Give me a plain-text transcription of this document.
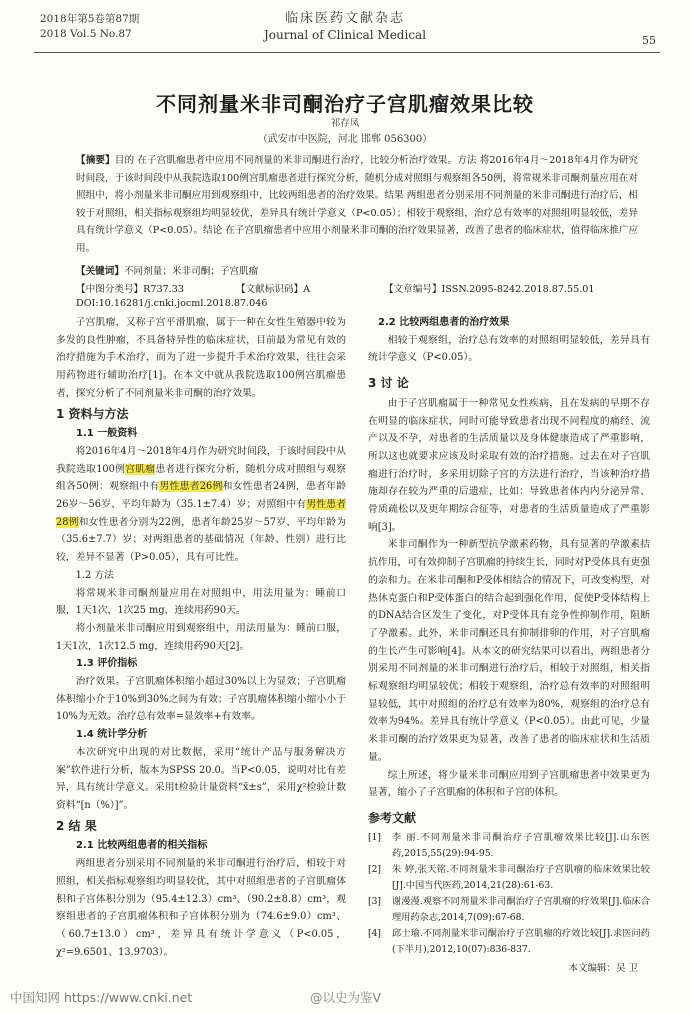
2018年第5卷第87期
2018 Vol.5 No.87
临床医药文献杂志
Journal of Clinical Medical	55
不同剂量米非司酮治疗子宫肌瘤效果比较
祁存凤
（武安市中医院，河北 邯郸 056300）
【摘要】目的 在子宫肌瘤患者中应用不同剂量的米非司酮进行治疗，比较分析治疗效果。方法 将2016年4月～2018年4月作为研究时间段，于该时间段中从我院选取100例宫肌瘤患者进行探究分析，随机分成对照组与观察组各50例，将常规米非司酮剂量应用在对照组中，将小剂量米非司酮应用到观察组中，比较两组患者的治疗效果。结果 两组患者分别采用不同剂量的米非司酮进行治疗后，相较于对照组，相关指标观察组均明显较优，差异具有统计学意义（P<0.05）；相较于观察组，治疗总有效率的对照组明显较低，差异具有统计学意义（P<0.05）。结论 在子宫肌瘤患者中应用小剂量米非司酮的治疗效果显著，改善了患者的临床症状，值得临床推广应用。
【关键词】不同剂量；米非司酮；子宫肌瘤
【中图分类号】R737.33	【文献标识码】A	【文章编号】ISSN.2095-8242.2018.87.55.01
DOI:10.16281/j.cnki.jocml.2018.87.046

子宫肌瘤，又称子宫平滑肌瘤，属于一种在女性生殖器中较为多发的良性肿瘤，不具备特异性的临床症状，目前最为常见有效的治疗措施为手术治疗，而为了进一步提升手术治疗效果，往往会采用药物进行辅助治疗[1]。在本文中就从我院选取100例宫肌瘤患者，探究分析了不同剂量米非司酮的治疗效果。

1 资料与方法
1.1 一般资料

将2016年4月～2018年4月作为研究时间段，于该时间段中从我院选取100例宫肌瘤患者进行探究分析，随机分成对照组与观察组各50例：观察组中有男性患者26例和女性患者24例，患者年龄26岁～56岁、平均年龄为（35.1±7.4）岁；对照组中有男性患者28例和女性患者分别为22例，患者年龄25岁～57岁、平均年龄为（35.6±7.7）岁；对两组患者的基础情况（年龄、性别）进行比较，差异不显著（P>0.05），具有可比性。

1.2 方法

将常规米非司酮剂量应用在对照组中，用法用量为：睡前口服，1天1次，1次25 mg，连续用药90天。

将小剂量米非司酮应用到观察组中，用法用量为：睡前口服，1天1次，1次12.5 mg，连续用药90天[2]。

1.3 评价指标

治疗效果。子宫肌瘤体积缩小超过30%以上为显效；子宫肌瘤体积缩小介于10%到30%之间为有效；子宫肌瘤体积缩小缩小小于10%为无效。治疗总有效率=显效率+有效率。

1.4 统计学分析

本次研究中出现的对比数据，采用“统计产品与服务解决方案”软件进行分析，版本为SPSS 20.0。当P<0.05，说明对比有差异，具有统计学意义。采用t检验计量资料“x̄±s”，采用χ²检验计数资料“[n（%）]”。

2 结 果
2.1 比较两组患者的相关指标

两组患者分别采用不同剂量的米非司酮进行治疗后，相较于对照组，相关指标观察组均明显较优，其中对照组患者的子宫肌瘤体积和子宫体积分别为（95.4±12.3）cm³、（90.2±8.8）cm³，观察组患者的子宫肌瘤体积和子宫体积分别为（74.6±9.0）cm³、（60.7±13.0）cm³，差异具有统计学意义（P<0.05，χ²=9.6501、13.9703）。

2.2 比较两组患者的治疗效果

相较于观察组，治疗总有效率的对照组明显较低，差异具有统计学意义（P<0.05）。

3 讨 论

由于子宫肌瘤属于一种常见女性疾病，且在发病的早期不存在明显的临床症状，同时可能导致患者出现不同程度的痛经、流产以及不孕，对患者的生活质量以及身体健康造成了严重影响，所以这也就要求应该及时采取有效的治疗措施。过去在对子宫肌瘤进行治疗时，多采用切除子宫的方法进行治疗，当该种治疗措施却存在较为严重的后遗症，比如：导致患者体内内分泌异常、骨质疏松以及更年期综合征等，对患者的生活质量造成了严重影响[3]。

米非司酮作为一种新型抗孕激素药物，具有显著的孕激素拮抗作用，可有效抑制子宫肌瘤的持续生长，同时对P受体具有更强的亲和力。在米非司酮和P受体相结合的情况下，可改变构型，对热休克蛋白和P受体蛋白的结合起到强化作用，促使P受体结构上的DNA结合区发生了变化，对P受体具有竞争性抑制作用，阻断了孕激素。此外，米非司酮还具有抑制排卵的作用，对子宫肌瘤的生长产生可影响[4]。从本文的研究结果可以看出，两组患者分别采用不同剂量的米非司酮进行治疗后，相较于对照组，相关指标观察组均明显较优；相较于观察组，治疗总有效率的对照组明显较低，其中对照组的治疗总有效率为80%，观察组的治疗总有效率为94%。差异具有统计学意义（P<0.05）。由此可见，少量米非司酮的治疗效果更为显著，改善了患者的临床症状和生活质量。

综上所述，将少量米非司酮应用到子宫肌瘤患者中效果更为显著，缩小了子宫肌瘤的体积和子宫的体积。

参考文献
[1]	李 丽.不同剂量米非司酮治疗子宫肌瘤效果比较[J].山东医药,2015,55(29):94-95.
[2]	朱 婷,张天铭.不同剂量米非司酮治疗子宫肌瘤的临床效果比较[J].中国当代医药,2014,21(28):61-63.
[3]	谢漫漫.观察不同剂量米非司酮治疗子宫肌瘤的疗效果[J].临床合理用药杂志,2014,7(09):67-68.
[4]	邱士瑜.不同剂量米非司酮治疗子宫肌瘤的疗效比较[J].求医问药(下半月),2012,10(07):836-837.
本文编辑：吴 卫
中国知网 https://www.cnki.net	@以史为鉴V
